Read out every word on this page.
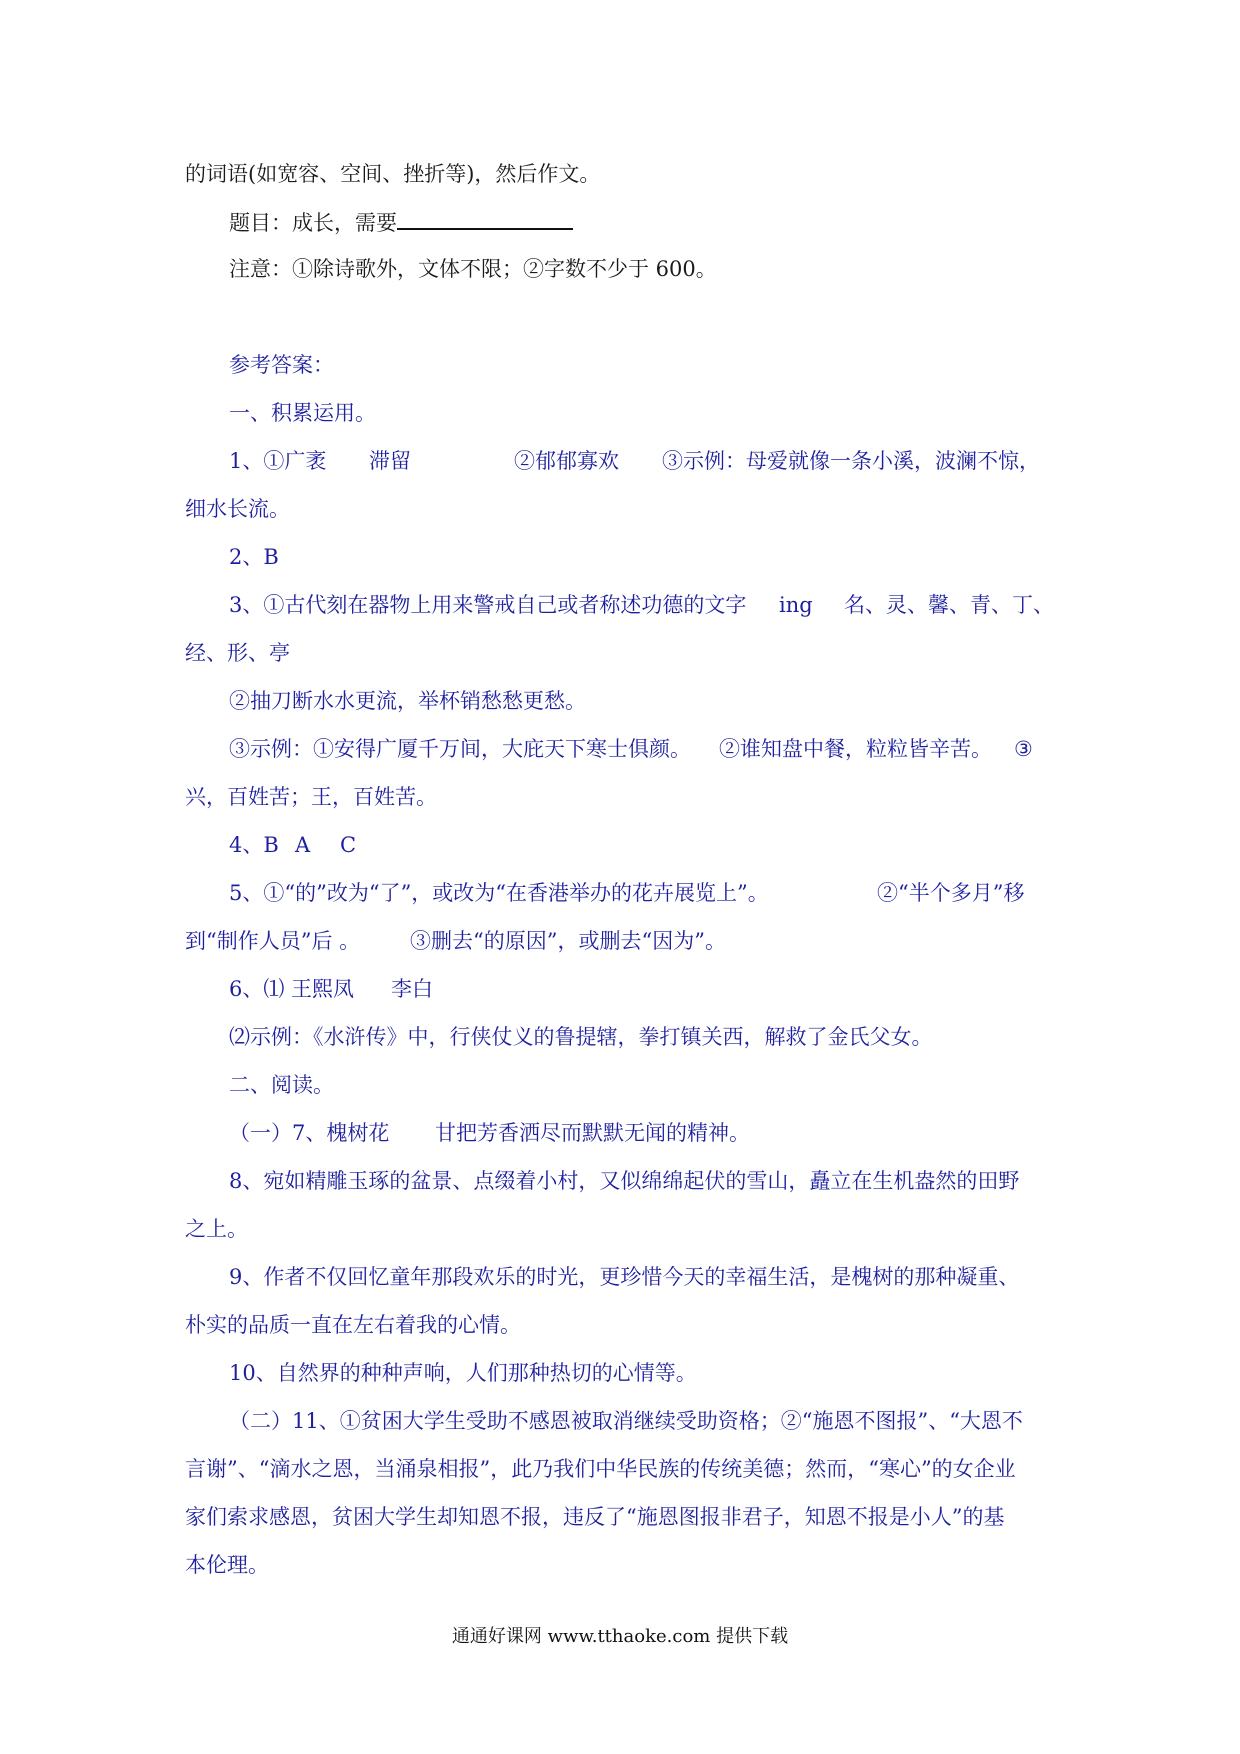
的词语(如宽容、空间、挫折等)，然后作文。

题目：成长，需要

注意：①除诗歌外，文体不限；②字数不少于 600。

参考答案：

一、积累运用。

1、①广袤 滞留	②郁郁寡欢 ③示例：母爱就像一条小溪，波澜不惊，

细水长流。

2、B

3、①古代刻在器物上用来警戒自己或者称述功德的文字 ing 名、灵、馨、青、丁、

经、形、亭

②抽刀断水水更流，举杯销愁愁更愁。

③示例：①安得广厦千万间，大庇天下寒士俱颜。 ②谁知盘中餐，粒粒皆辛苦。 ③

兴，百姓苦；王，百姓苦。

4、B A C

5、①“的”改为“了”，或改为“在香港举办的花卉展览上”。	②“半个多月”移

到“制作人员”后 。 ③删去“的原因”，或删去“因为”。

6、⑴ 王熙凤 李白

⑵示例：《水浒传》中，行侠仗义的鲁提辖，拳打镇关西，解救了金氏父女。

二、阅读。

（一）7、槐树花 甘把芳香洒尽而默默无闻的精神。

8、宛如精雕玉琢的盆景、点缀着小村，又似绵绵起伏的雪山，矗立在生机盎然的田野

之上。

9、作者不仅回忆童年那段欢乐的时光，更珍惜今天的幸福生活，是槐树的那种凝重、

朴实的品质一直在左右着我的心情。

10、自然界的种种声响，人们那种热切的心情等。

（二）11、①贫困大学生受助不感恩被取消继续受助资格；②“施恩不图报”、“大恩不

言谢”、“滴水之恩，当涌泉相报”，此乃我们中华民族的传统美德；然而，“寒心”的女企业

家们索求感恩，贫困大学生却知恩不报，违反了“施恩图报非君子，知恩不报是小人”的基

本伦理。

通通好课网 www.tthaoke.com 提供下载
